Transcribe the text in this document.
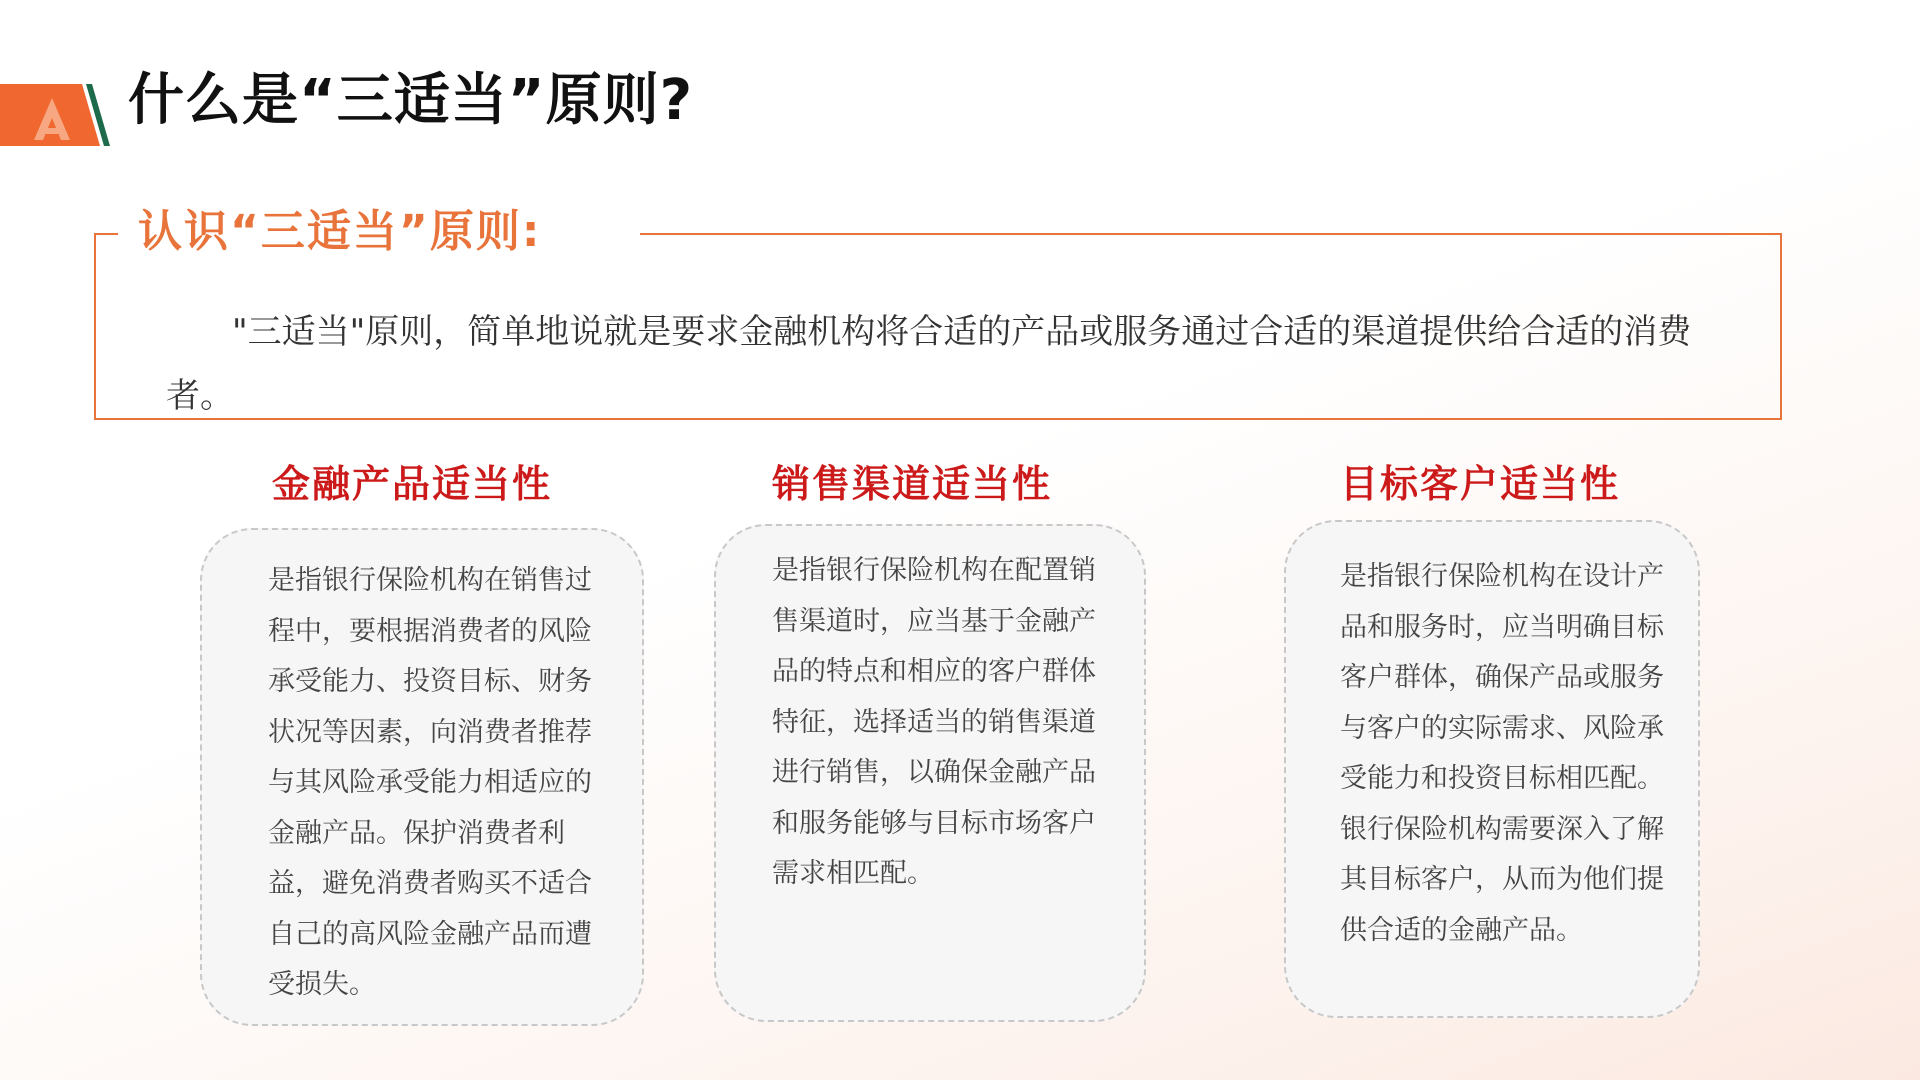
什么是“三适当”原则?
认识“三适当”原则:

"三适当"原则，简单地说就是要求金融机构将合适的产品或服务通过合适的渠道提供给合适的消费者。

金融产品适当性

是指银行保险机构在销售过程中，要根据消费者的风险承受能力、投资目标、财务状况等因素，向消费者推荐与其风险承受能力相适应的金融产品。保护消费者利益，避免消费者购买不适合自己的高风险金融产品而遭受损失。

销售渠道适当性

是指银行保险机构在配置销售渠道时，应当基于金融产品的特点和相应的客户群体特征，选择适当的销售渠道进行销售，以确保金融产品和服务能够与目标市场客户需求相匹配。

目标客户适当性

是指银行保险机构在设计产品和服务时，应当明确目标客户群体，确保产品或服务与客户的实际需求、风险承受能力和投资目标相匹配。银行保险机构需要深入了解其目标客户，从而为他们提供合适的金融产品。
